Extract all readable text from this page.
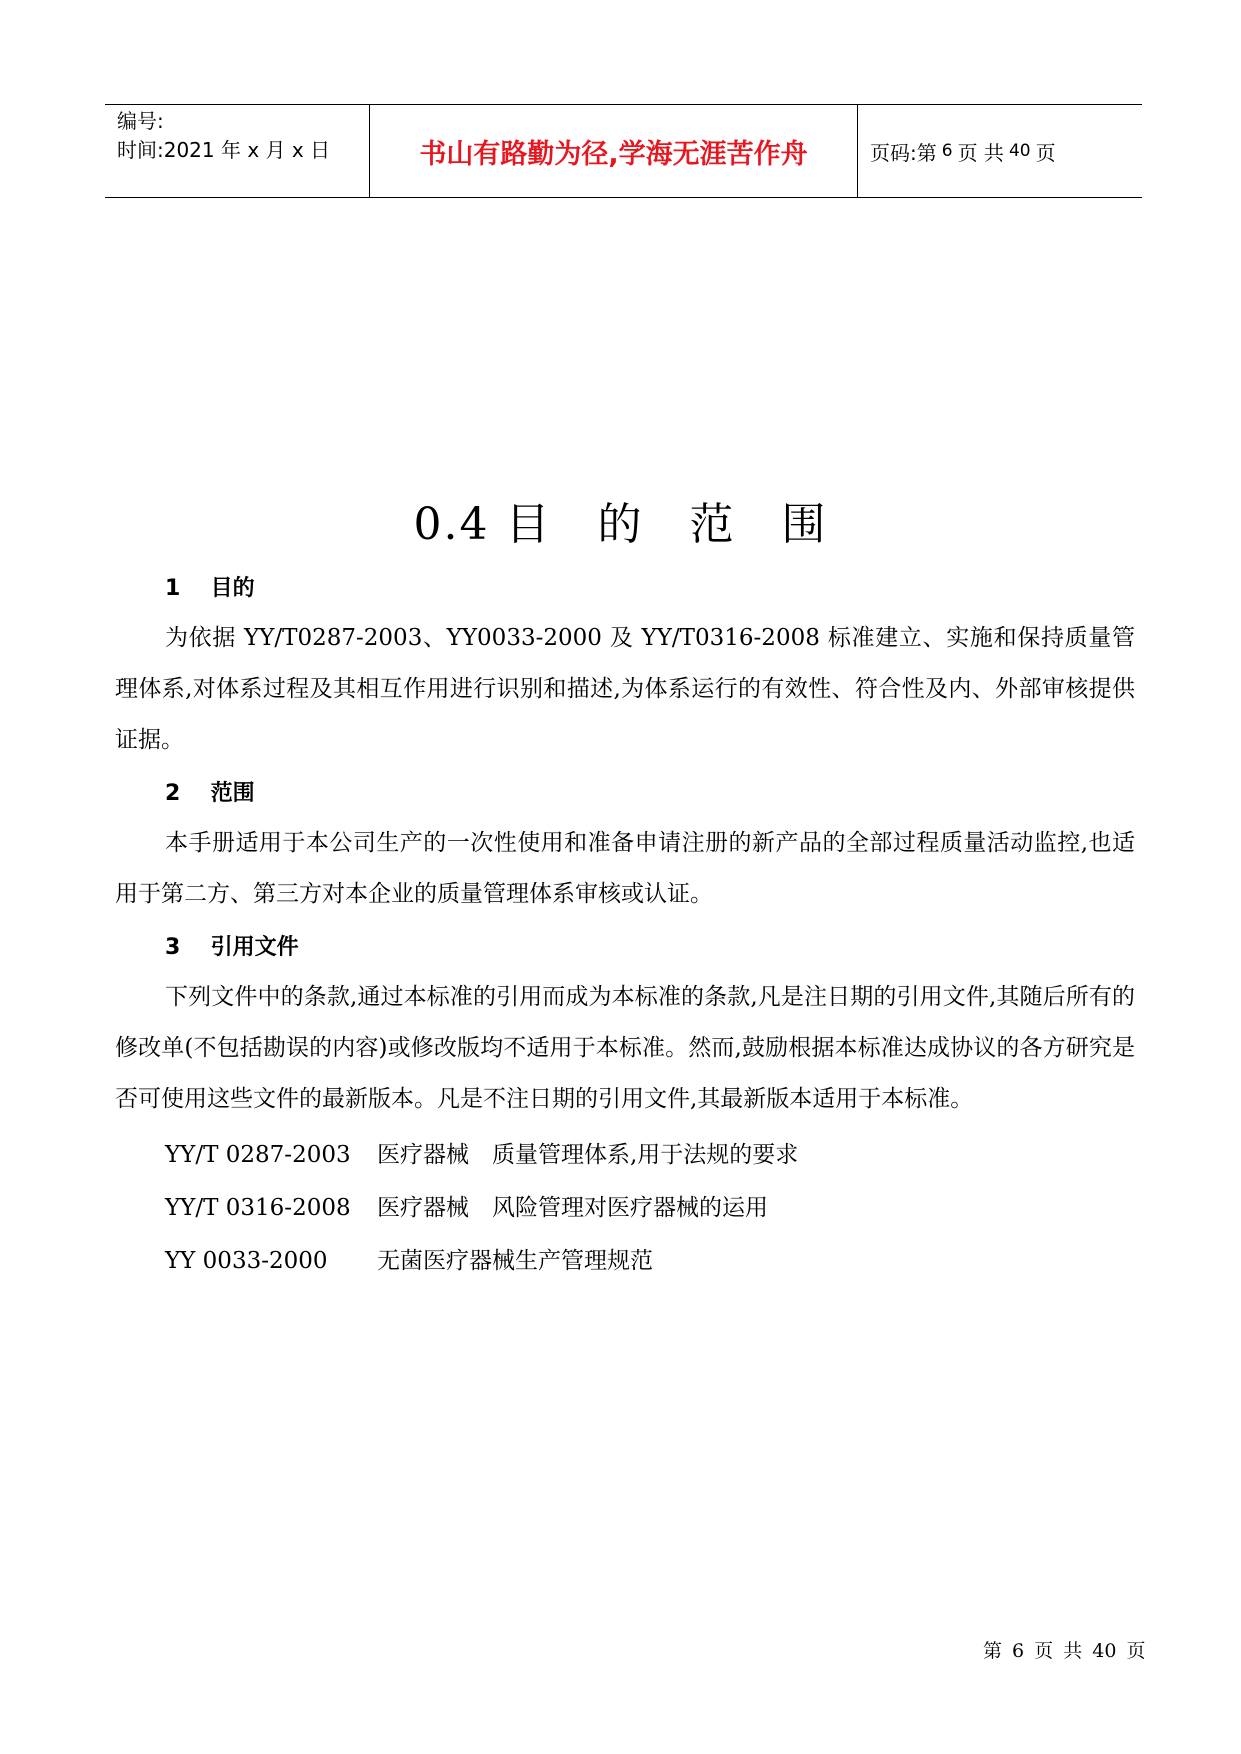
编号:
时间:2021 年 x 月 x 日	书山有路勤为径,学海无涯苦作舟	页码:第 6 页 共 40 页
0.4 目　的　范　围
1 目的
为依据 YY/T0287-2003、YY0033-2000 及 YY/T0316-2008 标准建立、实施和保持质量管理体系,对体系过程及其相互作用进行识别和描述,为体系运行的有效性、符合性及内、外部审核提供证据。
2 范围
本手册适用于本公司生产的一次性使用和准备申请注册的新产品的全部过程质量活动监控,也适用于第二方、第三方对本企业的质量管理体系审核或认证。
3 引用文件
下列文件中的条款,通过本标准的引用而成为本标准的条款,凡是注日期的引用文件,其随后所有的修改单(不包括勘误的内容)或修改版均不适用于本标准。然而,鼓励根据本标准达成协议的各方研究是否可使用这些文件的最新版本。凡是不注日期的引用文件,其最新版本适用于本标准。
YY/T 0287-2003	医疗器械　质量管理体系,用于法规的要求
YY/T 0316-2008	医疗器械　风险管理对医疗器械的运用
YY 0033-2000	无菌医疗器械生产管理规范
第 6 页 共 40 页
